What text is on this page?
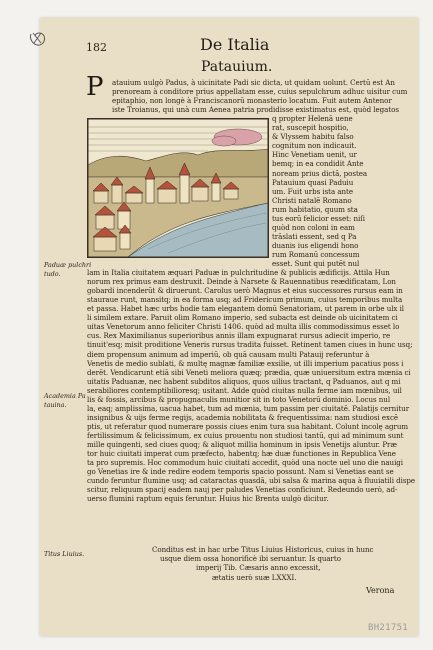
182	De Italia
Patauium.
P	atauium uulgò Padus, à uicinitate Padi sic dicta, ut quidam uolunt. Certū est An

prenoream à conditore prius appellatam esse, cuius sepulchrum adhuc uisitur cum

epitaphio, non longè à Franciscanorū monasterio locatum. Fuit autem Antenor

iste Troianus, qui unà cum Aenea patria prodidisse existimatus est, quòd legatos

q propter Helenā uene

rat, suscepit hospitio,

& Vlyssem habitu falso

cognitum non indicauit.

Hinc Venetiam uenit, ur

bemq; in ea condidit Ante

noream prius dictā, postea

Patauium quasi Paduiu

um. Fuit urbs ista ante

Christi natalē Romano

rum habitatio, quum sta

tus eorū felicior esset: niſi

quòd non coloni in eam

trāslati essent, sed q Pa

duanis ius eligendi hono

rum Romanū concessum

esset. Sunt qui putēt nul

lam in Italia ciuitatem æquari Paduæ in pulchritudine & publicis ædificijs. Attila Hun

norum rex primus eam destruxit. Deinde à Narsete & Rauennatibus reædificatam, Lon

gobardi incenderūt & diruerunt. Carolus uerò Magnus et eius successores rursus eam in

stauraue runt, mansitq; in ea forma usq; ad Fridericum primum, cuius temporibus multa

et passa. Habet hæc urbs hodie tam elegantem domū Senatoriam, ut parem in orbe ulx il

li similem extare. Paruit olim Romano imperio, sed subacta est deinde ob uicinitatem ci

uitas Venetorum anno feliciter Christi 1406. quòd ad multa illis commodissimus esset lo

cus. Rex Maximilianus superioribus annis illam expugnarat rursus adiecit imperio, re

tinuit'esq; misit proditione Veneris rursus tradita fuisset. Retinent tamen ciues in hunc usq;

diem propensum animum ad imperiū, ob quā causam multi Patauij referuntur à

Venetis de medio sublati, & multę magnæ familiæ exsilie, ut illi imperium pacatius poss i

derēt. Vendicarunt etiā sibi Veneti meliora quæq; prædia, quæ uniuersitum extra mœnia ci

uitatis Paduanæ, nec habent subditos aliquos, quos uilius tractant, q Paduanos, aut q mi

serabiliores contemptibilioresq; usitant. Adde quòd ciuitas nulla ferme iam mœnibus, uil

lis & fossis, arcibus & propugnaculis munitior sit in toto Venetorū dominio. Locus nul

la, eaq; amplissima, uacua habet, tum ad mœnia, tum passim per ciuitatē. Palatijs cernitur

insignibus & uijs ferme regijs, academia nobilitata & frequentissima: nam studiosi excē

ptis, ut referatur quod numerare possis ciues enim tura sua habitant. Colunt incolę agrum

fertilissimum & felicissimum, ex cuius prouentu non studiosi tantū, qui ad minimum sunt

mille quingenti, sed ciues quoq; & aliquot millia hominum in ipsis Venetijs aluntur. Præ

tor huic ciuitati imperat cum præfecto, habentq; hæ duæ functiones in Republica Vene

ta pro supremis. Hoc commodum huic ciuitati accedit, quòd una nocte uel uno die nauigi

go Venetias ire & inde redire eodem temporis spacio possunt. Nam si Venetias eant se

cundo feruntur flumine usq; ad cataractas quasdā, ubi salsa & marina aqua à fluuiatili dispe

scitur, reliquum spacij eadem nauj per paludes Venetias conficiunt. Redeundo uerò, ad-

uerso flumini raptum equis feruntur. Huius hic Brenta uulgò dicitur.

Paduæ pulchri

tudo.

Academia Pa

tauina.

Titus Liuius.	Conditus est in hac urbe Titus Liuius Historicus, cuius in hunc

usque diem ossa honorificè ibi seruantur. Is quarto

imperij Tib. Cæsaris anno excessit,

ætatis uerò suæ LXXXI.

Verona
BH21751
